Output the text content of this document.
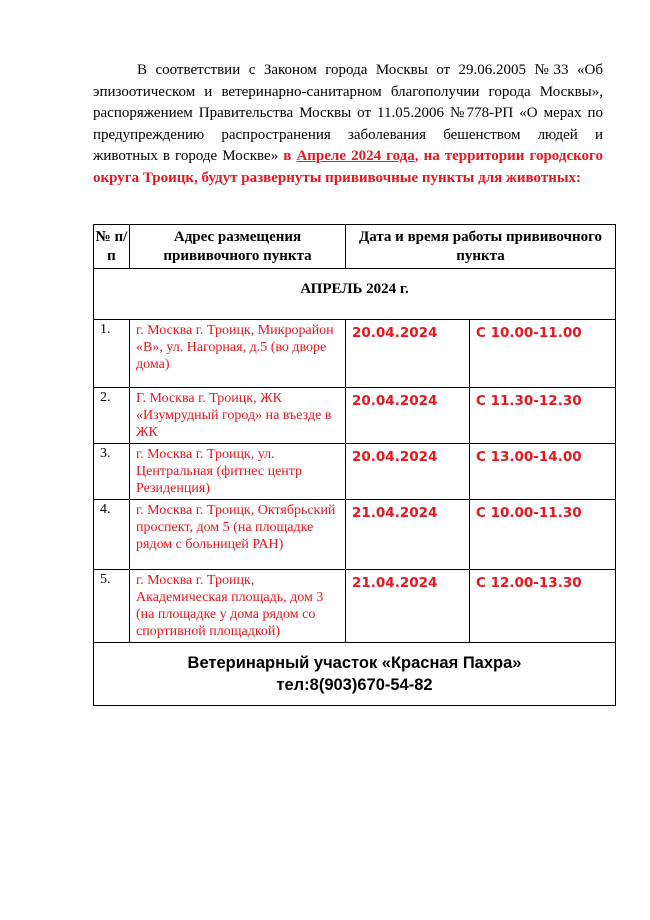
В соответствии с Законом города Москвы от 29.06.2005 №33 «Об эпизоотическом и ветеринарно-санитарном благополучии города Москвы», распоряжением Правительства Москвы от 11.05.2006 №778-РП «О мерах по предупреждению распространения заболевания бешенством людей и животных в городе Москве» в Апреле 2024 года, на территории городского округа Троицк, будут развернуты прививочные пункты для животных:
№ п/п	Адрес размещения прививочного пункта	Дата и время работы прививочного пункта	
АПРЕЛЬ 2024 г.			
1.	г. Москва г. Троицк, Микрорайон «В», ул. Нагорная, д.5 (во дворе дома)	20.04.2024	С 10.00-11.00
2.	Г. Москва г. Троицк, ЖК «Изумрудный город» на въезде в ЖК	20.04.2024	С 11.30-12.30
3.	г. Москва г. Троицк, ул. Центральная (фитнес центр Резиденция)	20.04.2024	С 13.00-14.00
4.	г. Москва г. Троицк, Октябрьский проспект, дом 5 (на площадке рядом с больницей РАН)	21.04.2024	С 10.00-11.30
5.	г. Москва г. Троицк, Академическая площадь, дом 3 (на площадке у дома рядом со спортивной площадкой)	21.04.2024	С 12.00-13.30

Ветеринарный участок «Красная Пахра»
тел:8(903)670-54-82			
